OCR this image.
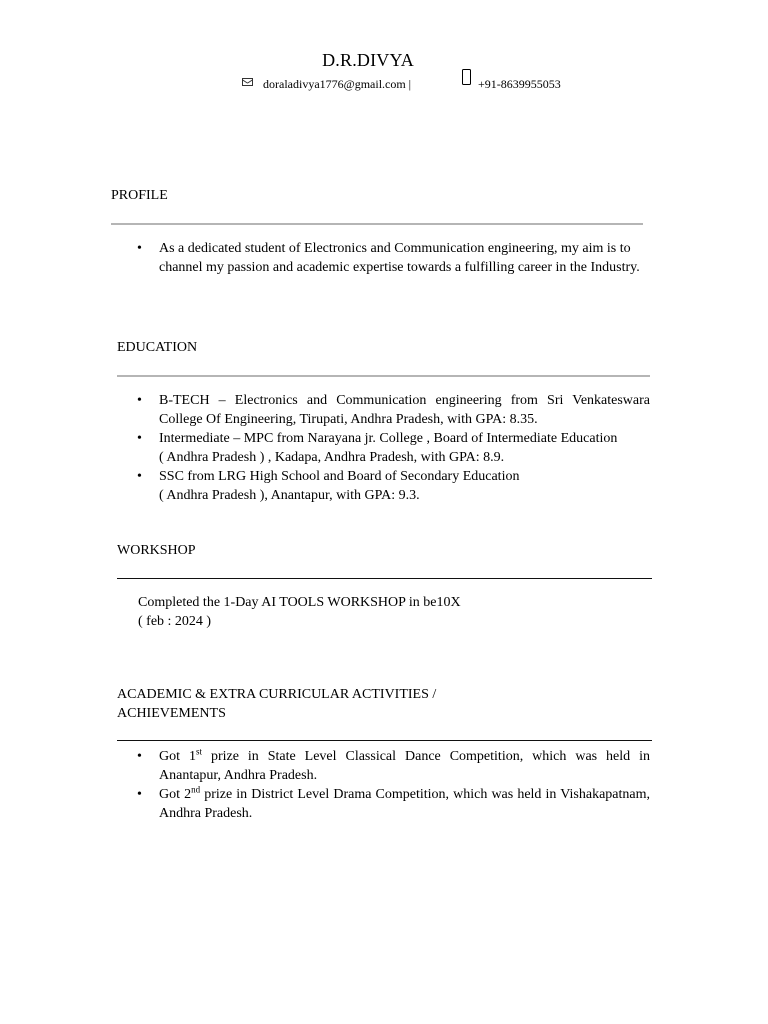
D.R.DIVYA
doraladivya1776@gmail.com |	+91-8639955053
PROFILE
• As a dedicated student of Electronics and Communication engineering, my aim is to channel my passion and academic expertise towards a fulfilling career in the Industry.
EDUCATION
• B-TECH – Electronics and Communication engineering from Sri Venkateswara
College Of Engineering, Tirupati, Andhra Pradesh, with GPA: 8.35.
• Intermediate – MPC from Narayana jr. College , Board of Intermediate Education
( Andhra Pradesh ) , Kadapa, Andhra Pradesh, with GPA: 8.9.
• SSC from LRG High School and Board of Secondary Education
( Andhra Pradesh ), Anantapur, with GPA: 9.3.
WORKSHOP
Completed the 1-Day AI TOOLS WORKSHOP in be10X
( feb : 2024 )
ACADEMIC & EXTRA CURRICULAR ACTIVITIES /
ACHIEVEMENTS
• Got 1st prize in State Level Classical Dance Competition, which was held in
Anantapur, Andhra Pradesh.
• Got 2nd prize in District Level Drama Competition, which was held in Vishakapatnam,
Andhra Pradesh.
